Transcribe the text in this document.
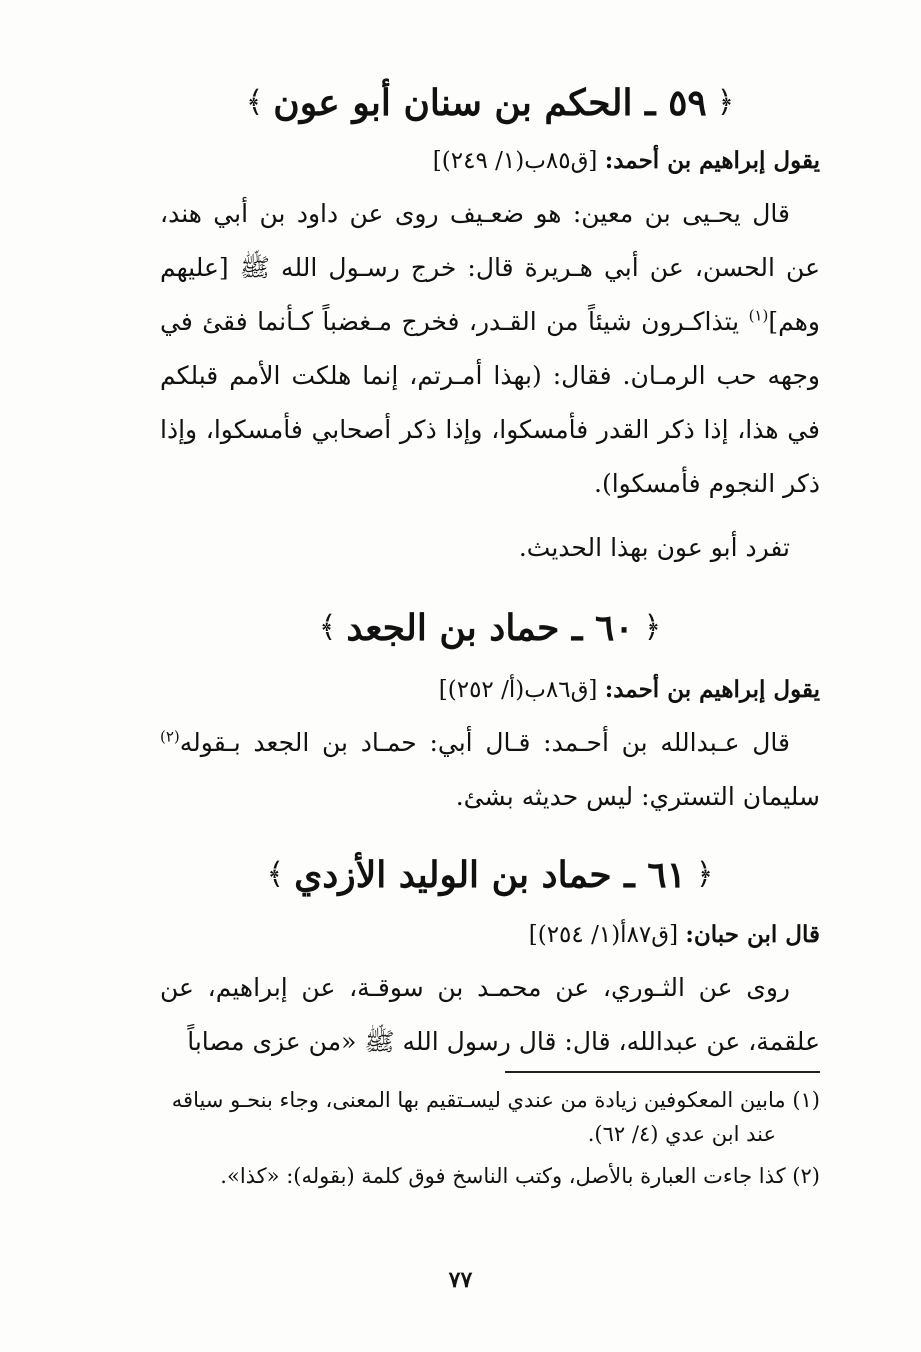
﴿
٥٩ ـ الحكم بن سنان أبو عون
﴾
يقول إبراهيم بن أحمد: [ق٨٥ب(١/ ٢٤٩)]

قال يحـيى بن معين: هو ضعـيف روى عن داود بن أبي هند، عن الحسن، عن أبي هـريرة قال: خرج رسـول الله ﷺ [عليهم وهم]$^{(١)}$ يتذاكـرون شيئاً من القـدر، فخرج مـغضباً كـأنما فقئ في وجهه حب الرمـان. فقال: (بهذا أمـرتم، إنما هلكت الأمم قبلكم في هذا، إذا ذكر القدر فأمسكوا، وإذا ذكر أصحابي فأمسكوا، وإذا ذكر النجوم فأمسكوا).

تفرد أبو عون بهذا الحديث.

﴿
٦٠ ـ حماد بن الجعد
﴾
يقول إبراهيم بن أحمد: [ق٨٦ب(أ/ ٢٥٢)]

قال عـبدالله بن أحـمد: قـال أبي: حمـاد بن الجعد بـقوله$^{(٢)}$ سليمان التستري: ليس حديثه بشئ.

﴿
٦١ ـ حماد بن الوليد الأزدي
﴾
قال ابن حبان: [ق٨٧أ(١/ ٢٥٤)]

روى عن الثـوري، عن محمـد بن سوقـة، عن إبراهيم، عن علقمة، عن عبدالله، قال: قال رسول الله ﷺ «من عزى مصاباً

(١) مابين المعكوفين زيادة من عندي ليسـتقيم بها المعنى، وجاء بنحـو سياقه عند ابن عدي (٤/ ٦٢).

(٢) كذا جاءت العبارة بالأصل، وكتب الناسخ فوق كلمة (بقوله): «كذا».

٧٧
